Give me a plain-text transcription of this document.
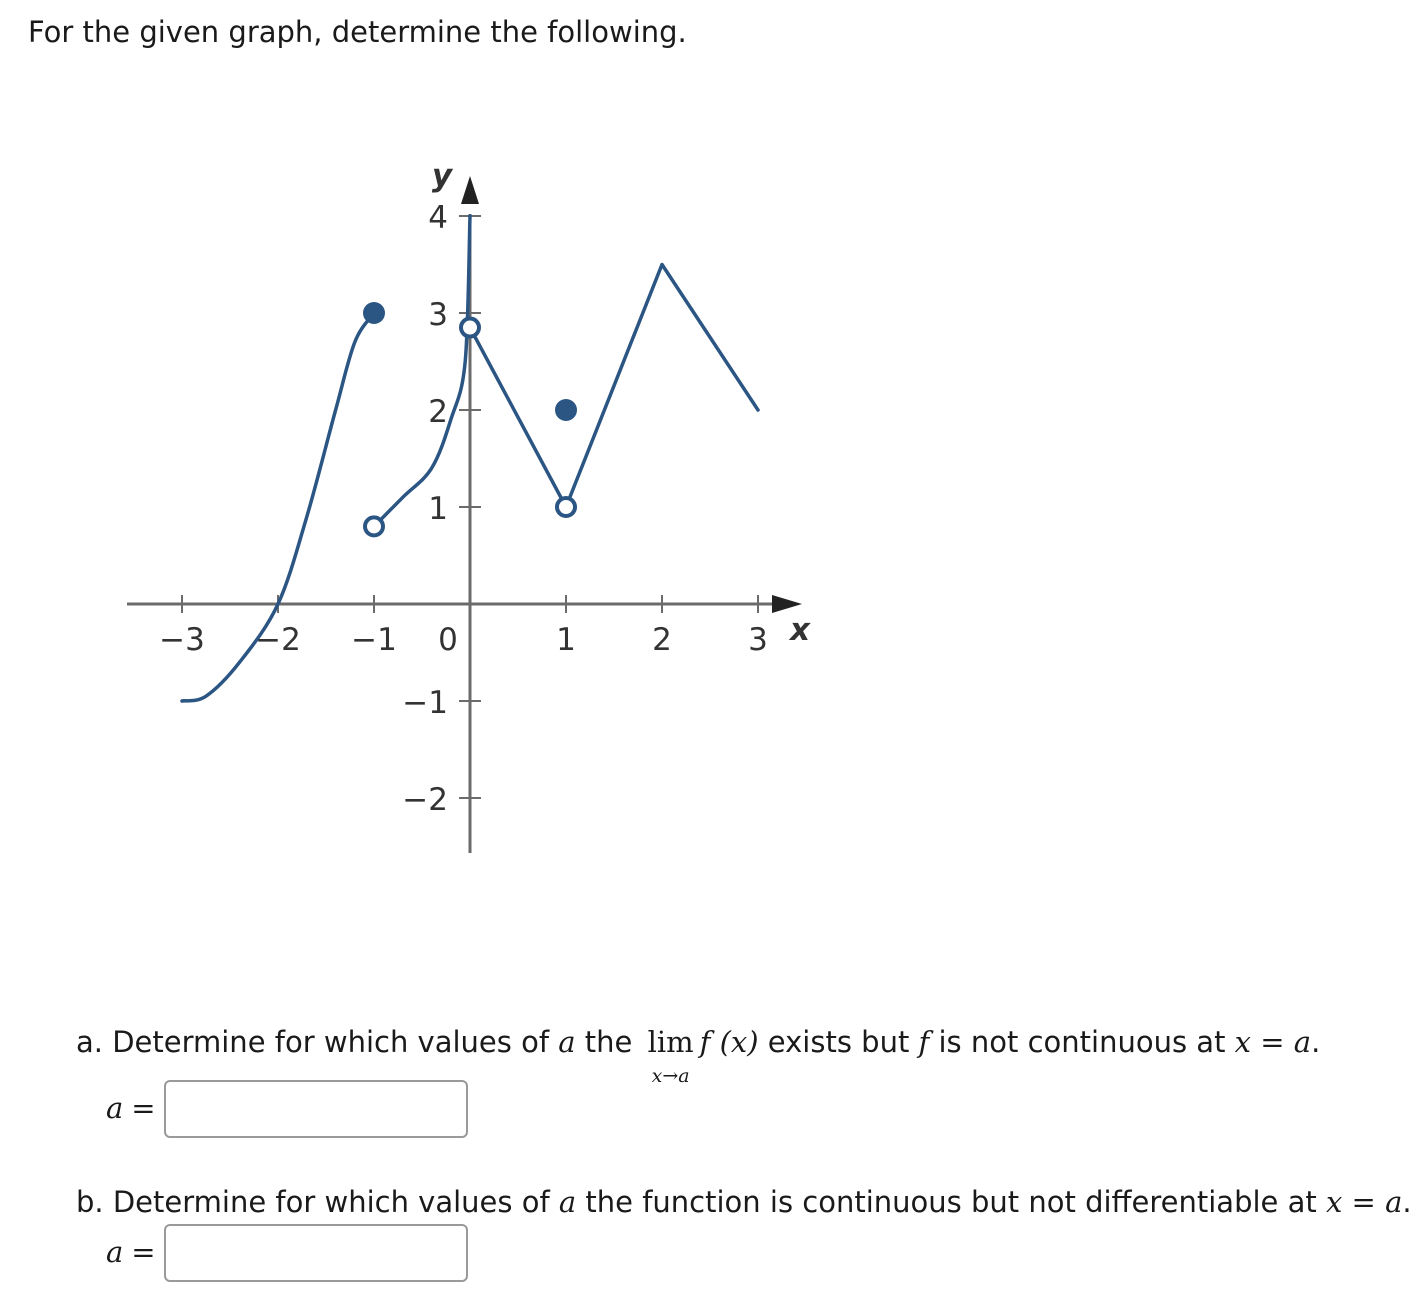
For the given graph, determine the following.
−3 −2 −1 0	1 2 3
4
3
2
1
−1
−2
x
y

a. Determine for which values of a the lim
x→a
f (x) exists but f is not continuous at x = a.

a =

b. Determine for which values of a the function is continuous but not differentiable at x = a.

a =
